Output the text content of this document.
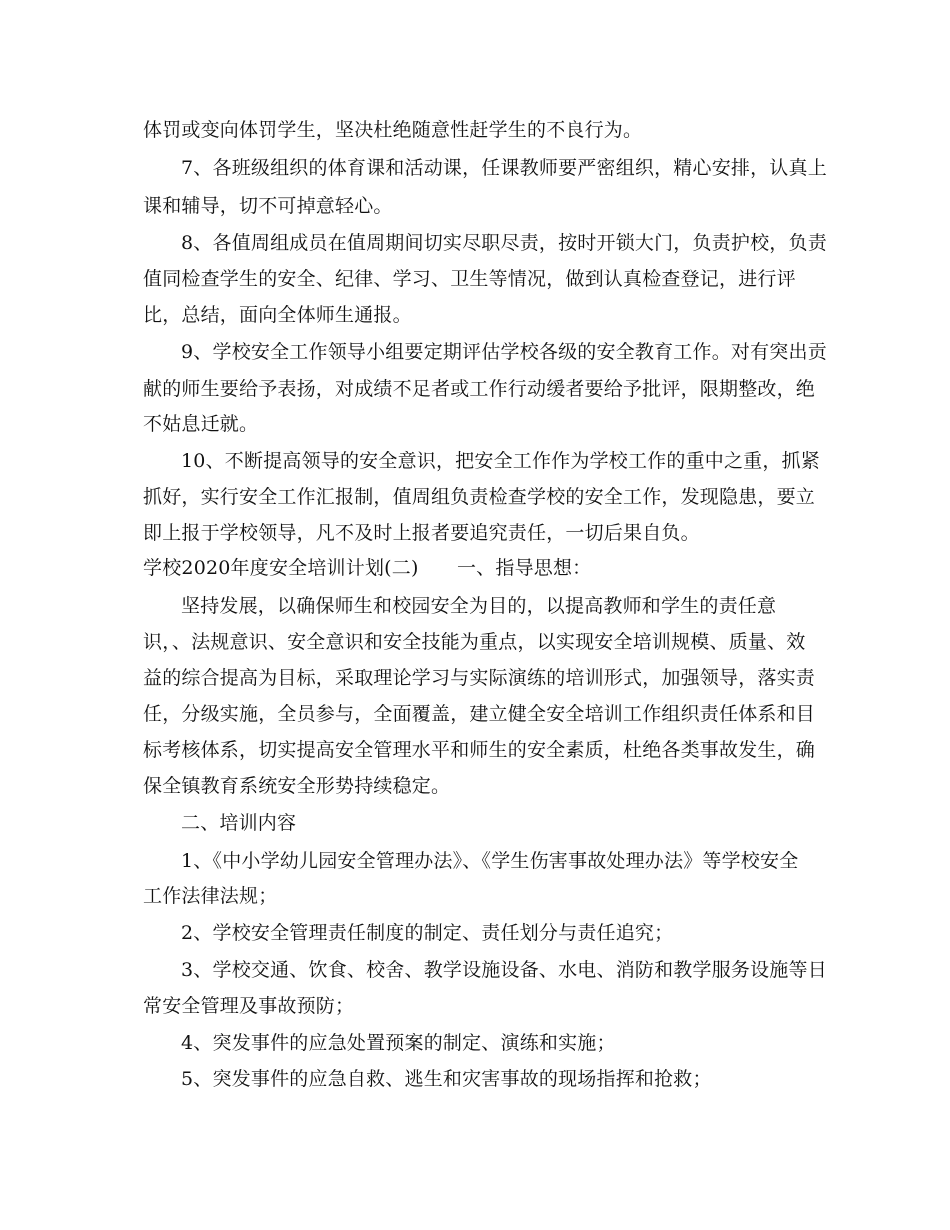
体罚或变向体罚学生，坚决杜绝随意性赶学生的不良行为。
7、各班级组织的体育课和活动课，任课教师要严密组织，精心安排，认真上
课和辅导，切不可掉意轻心。
8、各值周组成员在值周期间切实尽职尽责，按时开锁大门，负责护校，负责
值同检查学生的安全、纪律、学习、卫生等情况，做到认真检查登记，进行评
比，总结，面向全体师生通报。
9、学校安全工作领导小组要定期评估学校各级的安全教育工作。对有突出贡
献的师生要给予表扬，对成绩不足者或工作行动缓者要给予批评，限期整改，绝
不姑息迁就。
10、不断提高领导的安全意识，把安全工作作为学校工作的重中之重，抓紧
抓好，实行安全工作汇报制，值周组负责检查学校的安全工作，发现隐患，要立
即上报于学校领导，凡不及时上报者要追究责任，一切后果自负。
学校2020年度安全培训计划(二)　　一、指导思想：
坚持发展，以确保师生和校园安全为目的，以提高教师和学生的责任意
识，、法规意识、安全意识和安全技能为重点，以实现安全培训规模、质量、效
益的综合提高为目标，采取理论学习与实际演练的培训形式，加强领导，落实责
任，分级实施，全员参与，全面覆盖，建立健全安全培训工作组织责任体系和目
标考核体系，切实提高安全管理水平和师生的安全素质，杜绝各类事故发生，确
保全镇教育系统安全形势持续稳定。
二、培训内容
1、《中小学幼儿园安全管理办法》、《学生伤害事故处理办法》等学校安全
工作法律法规；
2、学校安全管理责任制度的制定、责任划分与责任追究；
3、学校交通、饮食、校舍、教学设施设备、水电、消防和教学服务设施等日
常安全管理及事故预防；
4、突发事件的应急处置预案的制定、演练和实施；
5、突发事件的应急自救、逃生和灾害事故的现场指挥和抢救；
